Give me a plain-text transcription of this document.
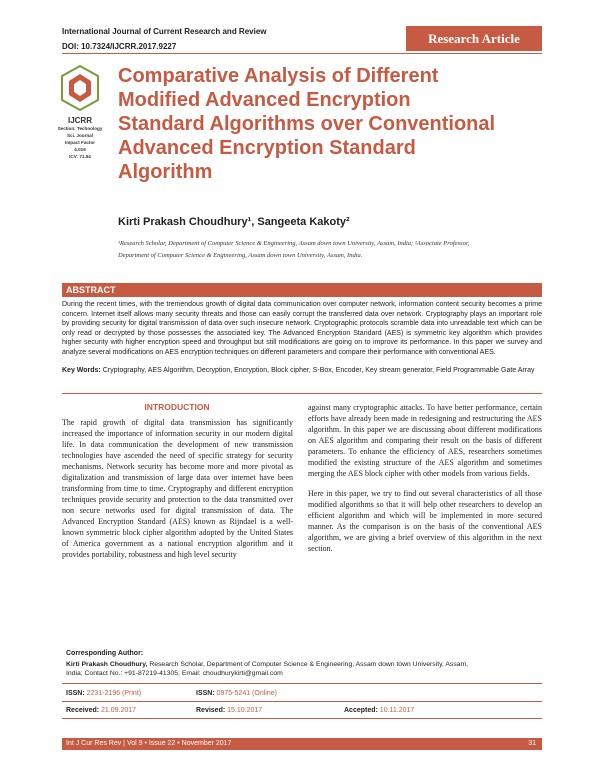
International Journal of Current Research and Review
DOI: 10.7324/IJCRR.2017.9227
Research Article
IJCRR
Section: Technology
Sci. Journal
Impact Factor
4.016
ICV: 71.54
Comparative Analysis of Different
Modified Advanced Encryption
Standard Algorithms over Conventional
Advanced Encryption Standard
Algorithm
Kirti Prakash Choudhury¹, Sangeeta Kakoty²
¹Research Scholar, Department of Computer Science & Engineering, Assam down town University, Assam, India; ²Associate Professor,
Department of Computer Science & Engineering, Assam down town University, Assam, India.
ABSTRACT
During the recent times, with the tremendous growth of digital data communication over computer network, information content security becomes a prime concern. Internet itself allows many security threats and those can easily corrupt the transferred data over network. Cryptography plays an important role by providing security for digital transmission of data over such insecure network. Cryptographic protocols scramble data into unreadable text which can be only read or decrypted by those possesses the associated key. The Advanced Encryption Standard (AES) is symmetric key algorithm which provides higher security with higher encryption speed and throughput but still modifications are going on to improve its performance. In this paper we survey and analyze several modifications on AES encryption techniques on different parameters and compare their performance with conventional AES.
Key Words: Cryptography, AES Algorithm, Decryption, Encryption, Block cipher, S-Box, Encoder, Key stream generator, Field Programmable Gate Array
INTRODUCTION
The rapid growth of digital data transmission has significantly increased the importance of information security in our modern digital life. In data communication the development of new transmission technologies have ascended the need of specific strategy for security mechanisms. Network security has become more and more pivotal as digitalization and transmission of large data over internet have been transforming from time to time. Cryptography and different encryption techniques provide security and protection to the data transmitted over non secure networks used for digital transmission of data. The Advanced Encryption Standard (AES) known as Rijndael is a well-known symmetric block cipher algorithm adopted by the United States of America government as a national encryption algorithm and it provides portability, robustness and high level security

against many cryptographic attacks. To have better performance, certain efforts have already been made in redesigning and restructuring the AES algorithm. In this paper we are discussing about different modifications on AES algorithm and comparing their result on the basis of different parameters. To enhance the efficiency of AES, researchers sometimes modified the existing structure of the AES algorithm and sometimes merging the AES block cipher with other models from various fields.

Here in this paper, we try to find out several characteristics of all those modified algorithms so that it will help other researchers to develop an efficient algorithm and which will be implemented in more secured manner. As the comparison is on the basis of the conventional AES algorithm, we are giving a brief overview of this algorithm in the next section.

Corresponding Author:
Kirti Prakash Choudhury, Research Scholar, Department of Computer Science & Engineering, Assam down town University, Assam,
India; Contact No.: +91-87219-41305; Email: choudhurykirti@gmail.com
ISSN: 2231-2196 (Print)	ISSN: 0975-5241 (Online)
Received: 21.09.2017	Revised: 15.10.2017	Accepted: 10.11.2017
Int J Cur Res Rev | Vol 9 • Issue 22 • November 2017	31
